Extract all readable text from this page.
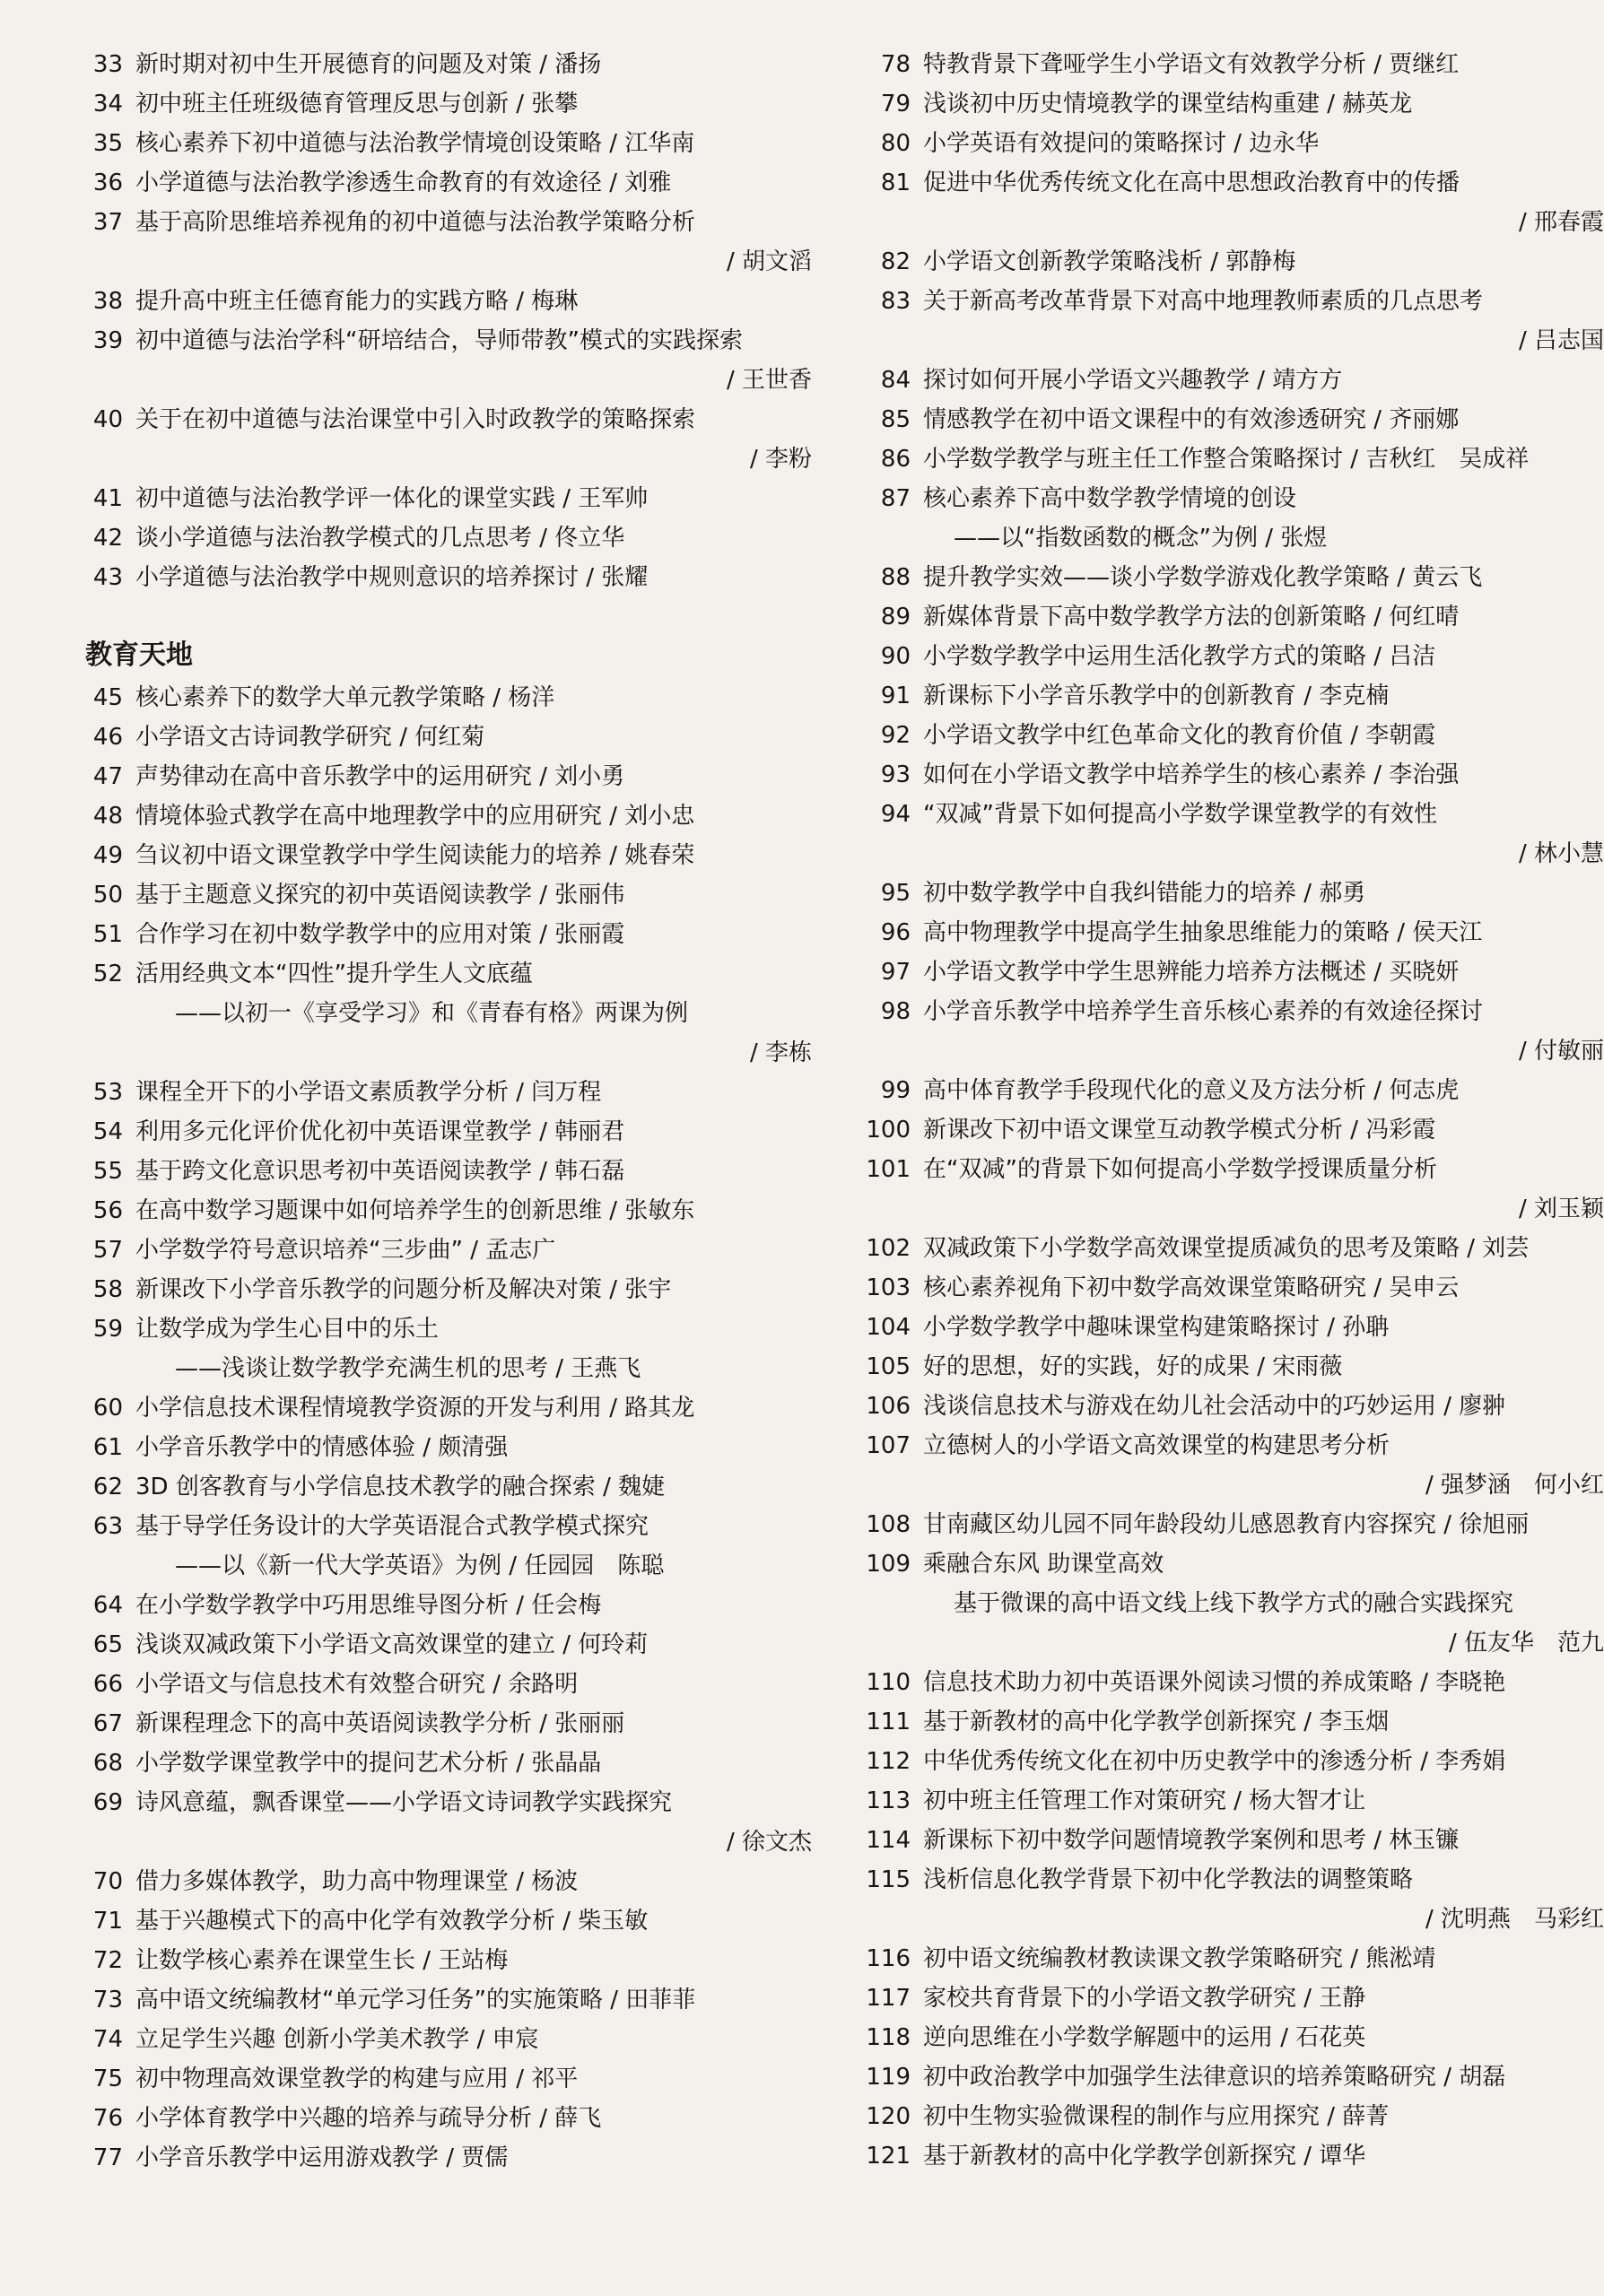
33 新时期对初中生开展德育的问题及对策 / 潘扬
34 初中班主任班级德育管理反思与创新 / 张攀
35 核心素养下初中道德与法治教学情境创设策略 / 江华南
36 小学道德与法治教学渗透生命教育的有效途径 / 刘雅
37 基于高阶思维培养视角的初中道德与法治教学策略分析
/ 胡文滔
38 提升高中班主任德育能力的实践方略 / 梅琳
39 初中道德与法治学科“研培结合，导师带教”模式的实践探索
/ 王世香
40 关于在初中道德与法治课堂中引入时政教学的策略探索
/ 李粉
41 初中道德与法治教学评一体化的课堂实践 / 王军帅
42 谈小学道德与法治教学模式的几点思考 / 佟立华
43 小学道德与法治教学中规则意识的培养探讨 / 张耀
教育天地
45 核心素养下的数学大单元教学策略 / 杨洋
46 小学语文古诗词教学研究 / 何红菊
47 声势律动在高中音乐教学中的运用研究 / 刘小勇
48 情境体验式教学在高中地理教学中的应用研究 / 刘小忠
49 刍议初中语文课堂教学中学生阅读能力的培养 / 姚春荣
50 基于主题意义探究的初中英语阅读教学 / 张丽伟
51 合作学习在初中数学教学中的应用对策 / 张丽霞
52 活用经典文本“四性”提升学生人文底蕴
——以初一《享受学习》和《青春有格》两课为例
/ 李栋
53 课程全开下的小学语文素质教学分析 / 闫万程
54 利用多元化评价优化初中英语课堂教学 / 韩丽君
55 基于跨文化意识思考初中英语阅读教学 / 韩石磊
56 在高中数学习题课中如何培养学生的创新思维 / 张敏东
57 小学数学符号意识培养“三步曲” / 孟志广
58 新课改下小学音乐教学的问题分析及解决对策 / 张宇
59 让数学成为学生心目中的乐土
——浅谈让数学教学充满生机的思考 / 王燕飞
60 小学信息技术课程情境教学资源的开发与利用 / 路其龙
61 小学音乐教学中的情感体验 / 颇清强
62 3D 创客教育与小学信息技术教学的融合探索 / 魏婕
63 基于导学任务设计的大学英语混合式教学模式探究
——以《新一代大学英语》为例 / 任园园　陈聪
64 在小学数学教学中巧用思维导图分析 / 任会梅
65 浅谈双减政策下小学语文高效课堂的建立 / 何玲莉
66 小学语文与信息技术有效整合研究 / 余路明
67 新课程理念下的高中英语阅读教学分析 / 张丽丽
68 小学数学课堂教学中的提问艺术分析 / 张晶晶
69 诗风意蕴，飘香课堂——小学语文诗词教学实践探究
/ 徐文杰
70 借力多媒体教学，助力高中物理课堂 / 杨波
71 基于兴趣模式下的高中化学有效教学分析 / 柴玉敏
72 让数学核心素养在课堂生长 / 王站梅
73 高中语文统编教材“单元学习任务”的实施策略 / 田菲菲
74 立足学生兴趣 创新小学美术教学 / 申宸
75 初中物理高效课堂教学的构建与应用 / 祁平
76 小学体育教学中兴趣的培养与疏导分析 / 薛飞
77 小学音乐教学中运用游戏教学 / 贾儒
78 特教背景下聋哑学生小学语文有效教学分析 / 贾继红
79 浅谈初中历史情境教学的课堂结构重建 / 赫英龙
80 小学英语有效提问的策略探讨 / 边永华
81 促进中华优秀传统文化在高中思想政治教育中的传播
/ 邢春霞
82 小学语文创新教学策略浅析 / 郭静梅
83 关于新高考改革背景下对高中地理教师素质的几点思考
/ 吕志国
84 探讨如何开展小学语文兴趣教学 / 靖方方
85 情感教学在初中语文课程中的有效渗透研究 / 齐丽娜
86 小学数学教学与班主任工作整合策略探讨 / 吉秋红　吴成祥
87 核心素养下高中数学教学情境的创设
——以“指数函数的概念”为例 / 张煜
88 提升教学实效——谈小学数学游戏化教学策略 / 黄云飞
89 新媒体背景下高中数学教学方法的创新策略 / 何红晴
90 小学数学教学中运用生活化教学方式的策略 / 吕洁
91 新课标下小学音乐教学中的创新教育 / 李克楠
92 小学语文教学中红色革命文化的教育价值 / 李朝霞
93 如何在小学语文教学中培养学生的核心素养 / 李治强
94 “双减”背景下如何提高小学数学课堂教学的有效性
/ 林小慧
95 初中数学教学中自我纠错能力的培养 / 郝勇
96 高中物理教学中提高学生抽象思维能力的策略 / 侯天江
97 小学语文教学中学生思辨能力培养方法概述 / 买晓妍
98 小学音乐教学中培养学生音乐核心素养的有效途径探讨
/ 付敏丽
99 高中体育教学手段现代化的意义及方法分析 / 何志虎
100 新课改下初中语文课堂互动教学模式分析 / 冯彩霞
101 在“双减”的背景下如何提高小学数学授课质量分析
/ 刘玉颖
102 双减政策下小学数学高效课堂提质减负的思考及策略 / 刘芸
103 核心素养视角下初中数学高效课堂策略研究 / 吴申云
104 小学数学教学中趣味课堂构建策略探讨 / 孙聃
105 好的思想，好的实践，好的成果 / 宋雨薇
106 浅谈信息技术与游戏在幼儿社会活动中的巧妙运用 / 廖翀
107 立德树人的小学语文高效课堂的构建思考分析
/ 强梦涵　何小红
108 甘南藏区幼儿园不同年龄段幼儿感恩教育内容探究 / 徐旭丽
109 乘融合东风 助课堂高效
基于微课的高中语文线上线下教学方式的融合实践探究
/ 伍友华　范九
110 信息技术助力初中英语课外阅读习惯的养成策略 / 李晓艳
111 基于新教材的高中化学教学创新探究 / 李玉烟
112 中华优秀传统文化在初中历史教学中的渗透分析 / 李秀娟
113 初中班主任管理工作对策研究 / 杨大智才让
114 新课标下初中数学问题情境教学案例和思考 / 林玉镰
115 浅析信息化教学背景下初中化学教法的调整策略
/ 沈明燕　马彩红
116 初中语文统编教材教读课文教学策略研究 / 熊淞靖
117 家校共育背景下的小学语文教学研究 / 王静
118 逆向思维在小学数学解题中的运用 / 石花英
119 初中政治教学中加强学生法律意识的培养策略研究 / 胡磊
120 初中生物实验微课程的制作与应用探究 / 薛菁
121 基于新教材的高中化学教学创新探究 / 谭华
